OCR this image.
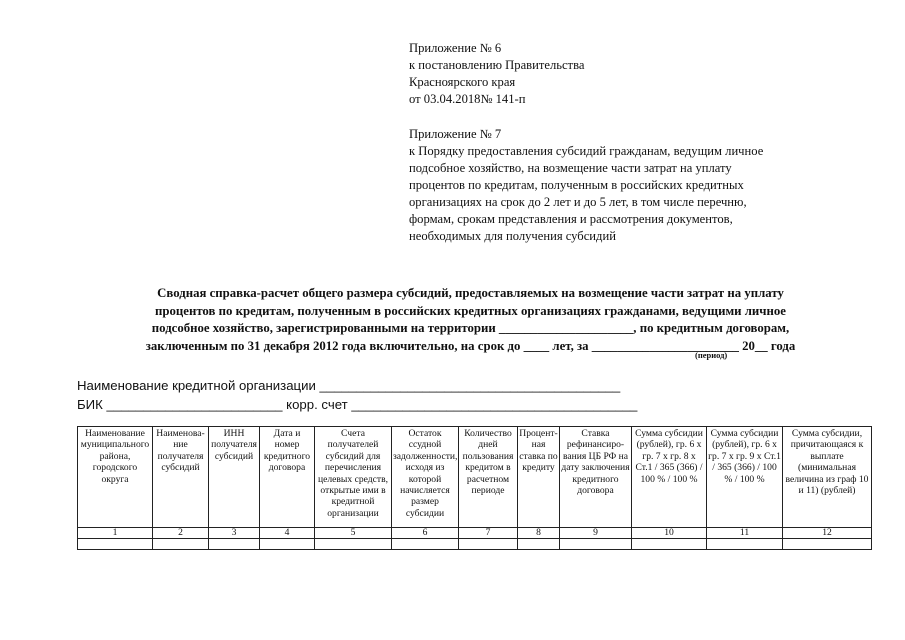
Приложение № 6
к постановлению Правительства
Красноярского края
от 03.04.2018№ 141-п
Приложение № 7
к Порядку предоставления субсидий гражданам, ведущим личное
подсобное хозяйство, на возмещение части затрат на уплату
процентов по кредитам, полученным в российских кредитных
организациях на срок до 2 лет и до 5 лет, в том числе перечню,
формам, срокам представления и рассмотрения документов,
необходимых для получения субсидий
Сводная справка-расчет общего размера субсидий, предоставляемых на возмещение части затрат на уплату
процентов по кредитам, полученным в российских кредитных организациях гражданами, ведущими личное
подсобное хозяйство, зарегистрированными на территории _____________________, по кредитным договорам,
заключенным по 31 декабря 2012 года включительно, на срок до ____ лет, за _______________________ 20__ года
(период)
Наименование кредитной организации _________________________________________
БИК ________________________ корр. счет _______________________________________
Наименование муниципального района, городского округа	Наименова-ние получателя субсидий	ИНН получателя субсидий	Дата и номер кредитного договора	Счета получателей субсидий для перечисления целевых средств, открытые ими в кредитной организации	Остаток ссудной задолженности, исходя из которой начисляется размер субсидии	Количество дней пользования кредитом в расчетном периоде	Процент-ная ставка по кредиту	Ставка рефинансиро-вания ЦБ РФ на дату заключения кредитного договора	Сумма субсидии (рублей), гр. 6 х гр. 7 х гр. 8 х Ст.1 / 365 (366) / 100 % / 100 %	Сумма субсидии (рублей), гр. 6 х гр. 7 х гр. 9 х Ст.1 / 365 (366) / 100 % / 100 %	Сумма субсидии, причитающаяся к выплате (минимальная величина из граф 10 и 11) (рублей)
1	2	3	4	5	6	7	8	9	10	11	12
